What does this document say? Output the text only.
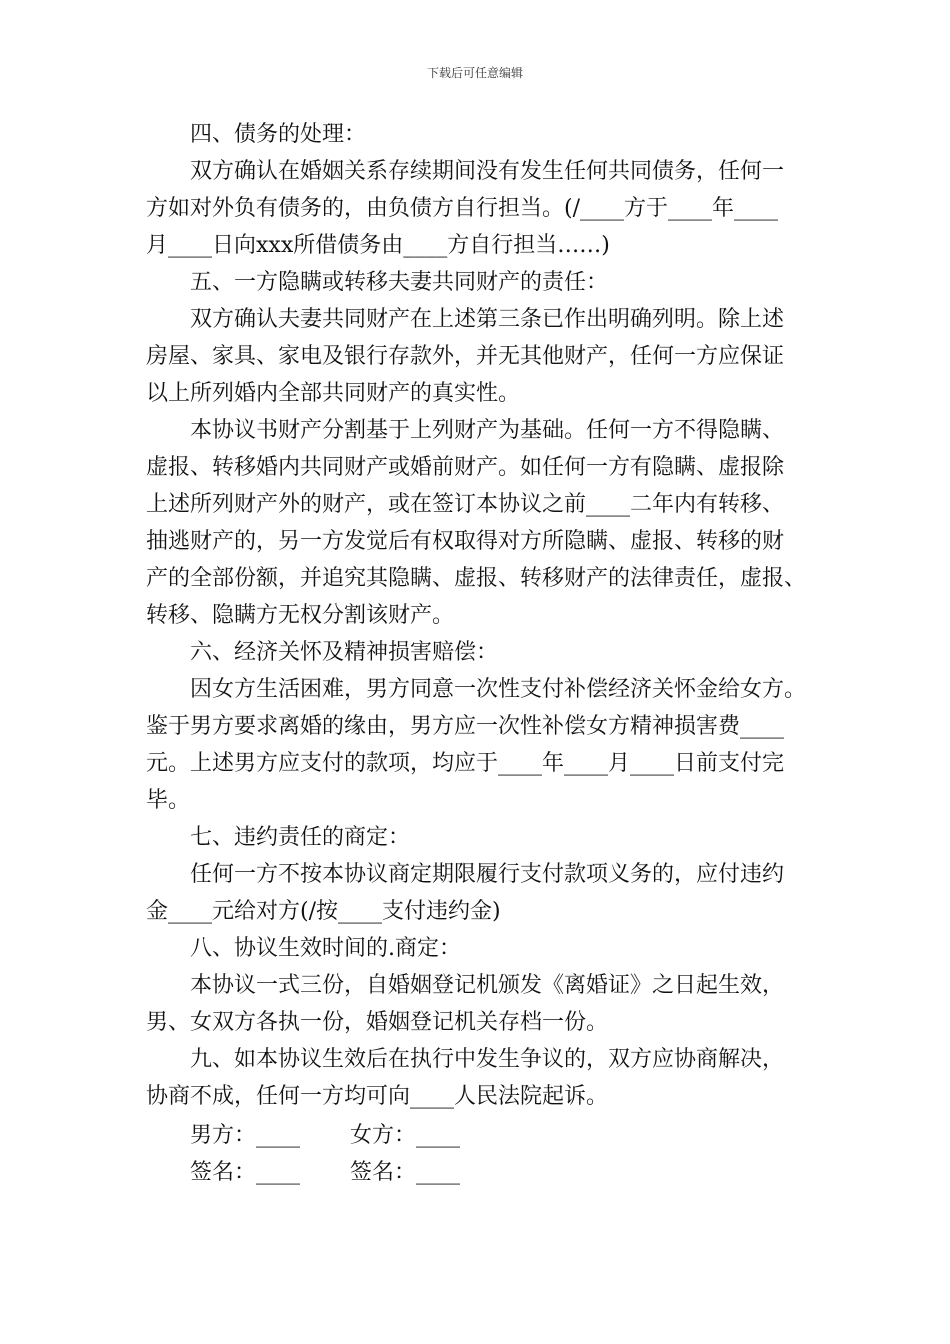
下载后可任意编辑
四、债务的处理：
双方确认在婚姻关系存续期间没有发生任何共同债务，任何一
方如对外负有债务的，由负债方自行担当。(/____方于____年____
月____日向xxx所借债务由____方自行担当……)
五、一方隐瞒或转移夫妻共同财产的责任：
双方确认夫妻共同财产在上述第三条已作出明确列明。除上述
房屋、家具、家电及银行存款外，并无其他财产，任何一方应保证
以上所列婚内全部共同财产的真实性。
本协议书财产分割基于上列财产为基础。任何一方不得隐瞒、
虚报、转移婚内共同财产或婚前财产。如任何一方有隐瞒、虚报除
上述所列财产外的财产，或在签订本协议之前____二年内有转移、
抽逃财产的，另一方发觉后有权取得对方所隐瞒、虚报、转移的财
产的全部份额，并追究其隐瞒、虚报、转移财产的法律责任，虚报、
转移、隐瞒方无权分割该财产。
六、经济关怀及精神损害赔偿：
因女方生活困难，男方同意一次性支付补偿经济关怀金给女方。
鉴于男方要求离婚的缘由，男方应一次性补偿女方精神损害费____
元。上述男方应支付的款项，均应于____年____月____日前支付完
毕。
七、违约责任的商定：
任何一方不按本协议商定期限履行支付款项义务的，应付违约
金____元给对方(/按____支付违约金)
八、协议生效时间的.商定：
本协议一式三份，自婚姻登记机颁发《离婚证》之日起生效，
男、女双方各执一份，婚姻登记机关存档一份。
九、如本协议生效后在执行中发生争议的，双方应协商解决，
协商不成，任何一方均可向____人民法院起诉。
男方：____ 女方：____
签名：____ 签名：____
